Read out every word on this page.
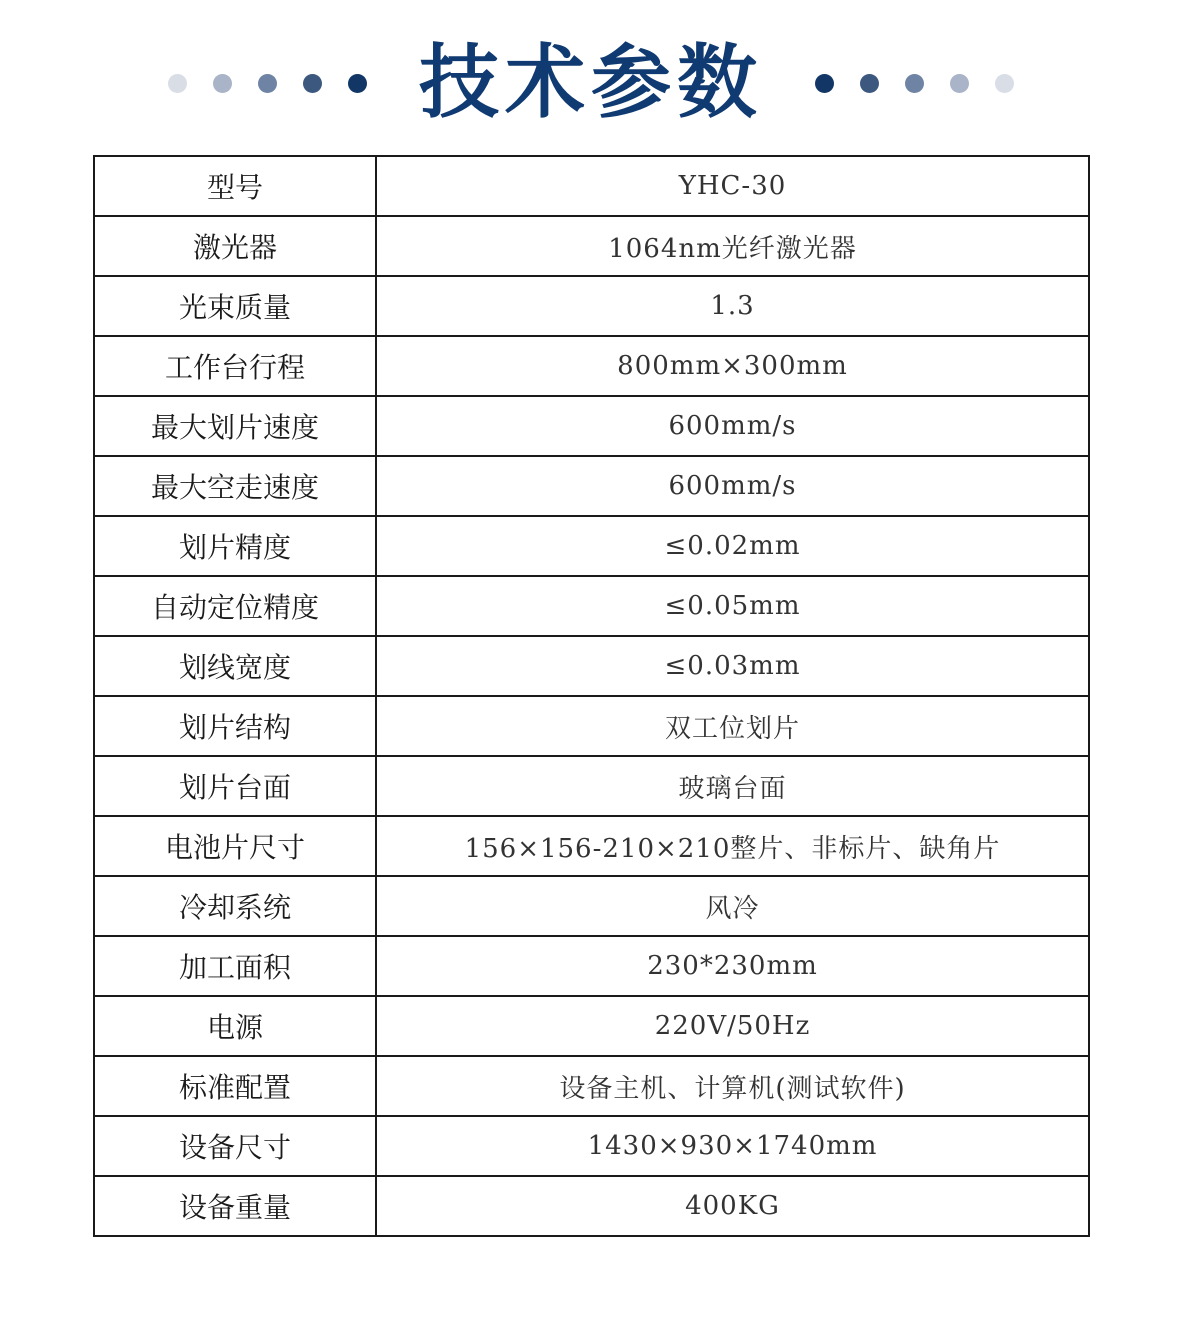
技术参数
型号	YHC-30
激光器	1064nm光纤激光器
光束质量	1.3
工作台行程	800mm×300mm
最大划片速度	600mm/s
最大空走速度	600mm/s
划片精度	≤0.02mm
自动定位精度	≤0.05mm
划线宽度	≤0.03mm
划片结构	双工位划片
划片台面	玻璃台面
电池片尺寸	156×156-210×210整片、非标片、缺角片
冷却系统	风冷
加工面积	230*230mm
电源	220V/50Hz
标准配置	设备主机、计算机(测试软件)
设备尺寸	1430×930×1740mm
设备重量	400KG
